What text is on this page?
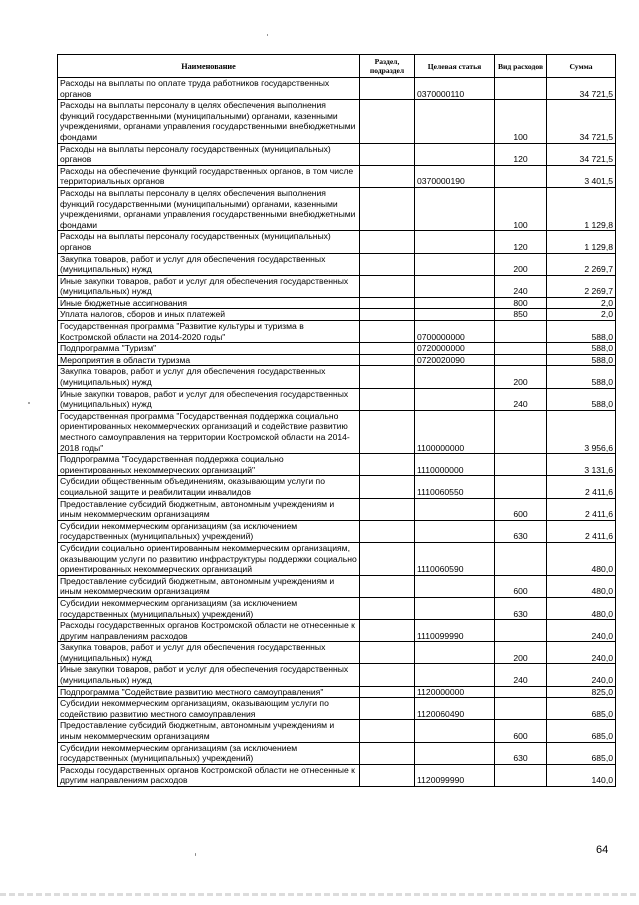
Наименование	Раздел, подраздел	Целевая статья	Вид расходов	Сумма
Расходы на выплаты по оплате труда работников государственных органов		0370000110		34 721,5
Расходы на выплаты персоналу в целях обеспечения выполнения функций государственными (муниципальными) органами, казенными учреждениями, органами управления государственными внебюджетными фондами			100	34 721,5
Расходы на выплаты персоналу государственных (муниципальных) органов			120	34 721,5
Расходы на обеспечение функций государственных органов, в том числе территориальных органов		0370000190		3 401,5
Расходы на выплаты персоналу в целях обеспечения выполнения функций государственными (муниципальными) органами, казенными учреждениями, органами управления государственными внебюджетными фондами			100	1 129,8
Расходы на выплаты персоналу государственных (муниципальных) органов			120	1 129,8
Закупка товаров, работ и услуг для обеспечения государственных (муниципальных) нужд			200	2 269,7
Иные закупки товаров, работ и услуг для обеспечения государственных (муниципальных) нужд			240	2 269,7
Иные бюджетные ассигнования			800	2,0
Уплата налогов, сборов и иных платежей			850	2,0
Государственная программа "Развитие культуры и туризма в Костромской области на 2014-2020 годы"		0700000000		588,0
Подпрограмма "Туризм"		0720000000		588,0
Мероприятия в области туризма		0720020090		588,0
Закупка товаров, работ и услуг для обеспечения государственных (муниципальных) нужд			200	588,0
Иные закупки товаров, работ и услуг для обеспечения государственных (муниципальных) нужд			240	588,0
Государственная программа "Государственная поддержка социально ориентированных некоммерческих организаций и содействие развитию местного самоуправления на территории Костромской области на 2014-2018 годы"		1100000000		3 956,6
Подпрограмма "Государственная поддержка социально ориентированных некоммерческих организаций"		1110000000		3 131,6
Субсидии общественным объединениям, оказывающим услуги по социальной защите и реабилитации инвалидов		1110060550		2 411,6
Предоставление субсидий бюджетным, автономным учреждениям и иным некоммерческим организациям			600	2 411,6
Субсидии некоммерческим организациям (за исключением государственных (муниципальных) учреждений)			630	2 411,6
Субсидии социально ориентированным некоммерческим организациям, оказывающим услуги по развитию инфраструктуры поддержки социально ориентированных некоммерческих организаций		1110060590		480,0
Предоставление субсидий бюджетным, автономным учреждениям и иным некоммерческим организациям			600	480,0
Субсидии некоммерческим организациям (за исключением государственных (муниципальных) учреждений)			630	480,0
Расходы государственных органов Костромской области не отнесенные к другим направлениям расходов		1110099990		240,0
Закупка товаров, работ и услуг для обеспечения государственных (муниципальных) нужд			200	240,0
Иные закупки товаров, работ и услуг для обеспечения государственных (муниципальных) нужд			240	240,0
Подпрограмма "Содействие развитию местного самоуправления"		1120000000		825,0
Субсидии некоммерческим организациям, оказывающим услуги по содействию развитию местного самоуправления		1120060490		685,0
Предоставление субсидий бюджетным, автономным учреждениям и иным некоммерческим организациям			600	685,0
Субсидии некоммерческим организациям (за исключением государственных (муниципальных) учреждений)			630	685,0
Расходы государственных органов Костромской области не отнесенные к другим направлениям расходов		1120099990		140,0
64
